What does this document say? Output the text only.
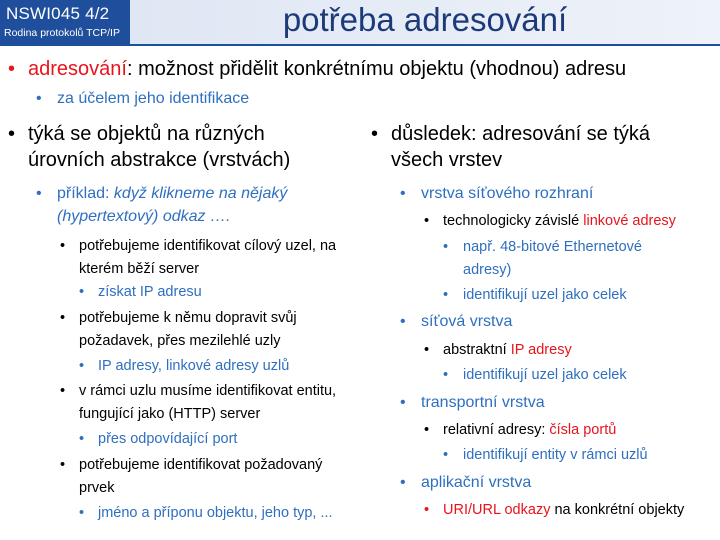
NSWI045 4/2
Rodina protokolů TCP/IP	potřeba adresování
• adresování: možnost přidělit konkrétnímu objektu (vhodnou) adresu
• za účelem jeho identifikace
• týká se objektů na různých
úrovních abstrakce (vrstvách)
• příklad: když klikneme na nějaký
(hypertextový) odkaz ….
• potřebujeme identifikovat cílový uzel, na
kterém běží server
• získat IP adresu
• potřebujeme k němu dopravit svůj
požadavek, přes mezilehlé uzly
• IP adresy, linkové adresy uzlů
• v rámci uzlu musíme identifikovat entitu,
fungující jako (HTTP) server
• přes odpovídající port
• potřebujeme identifikovat požadovaný
prvek
• jméno a příponu objektu, jeho typ, ...
• důsledek: adresování se týká
všech vrstev
• vrstva síťového rozhraní
• technologicky závislé linkové adresy
• např. 48-bitové Ethernetové
adresy)
• identifikují uzel jako celek
• síťová vrstva
• abstraktní IP adresy
• identifikují uzel jako celek
• transportní vrstva
• relativní adresy: čísla portů
• identifikují entity v rámci uzlů
• aplikační vrstva
• URI/URL odkazy na konkrétní objekty
